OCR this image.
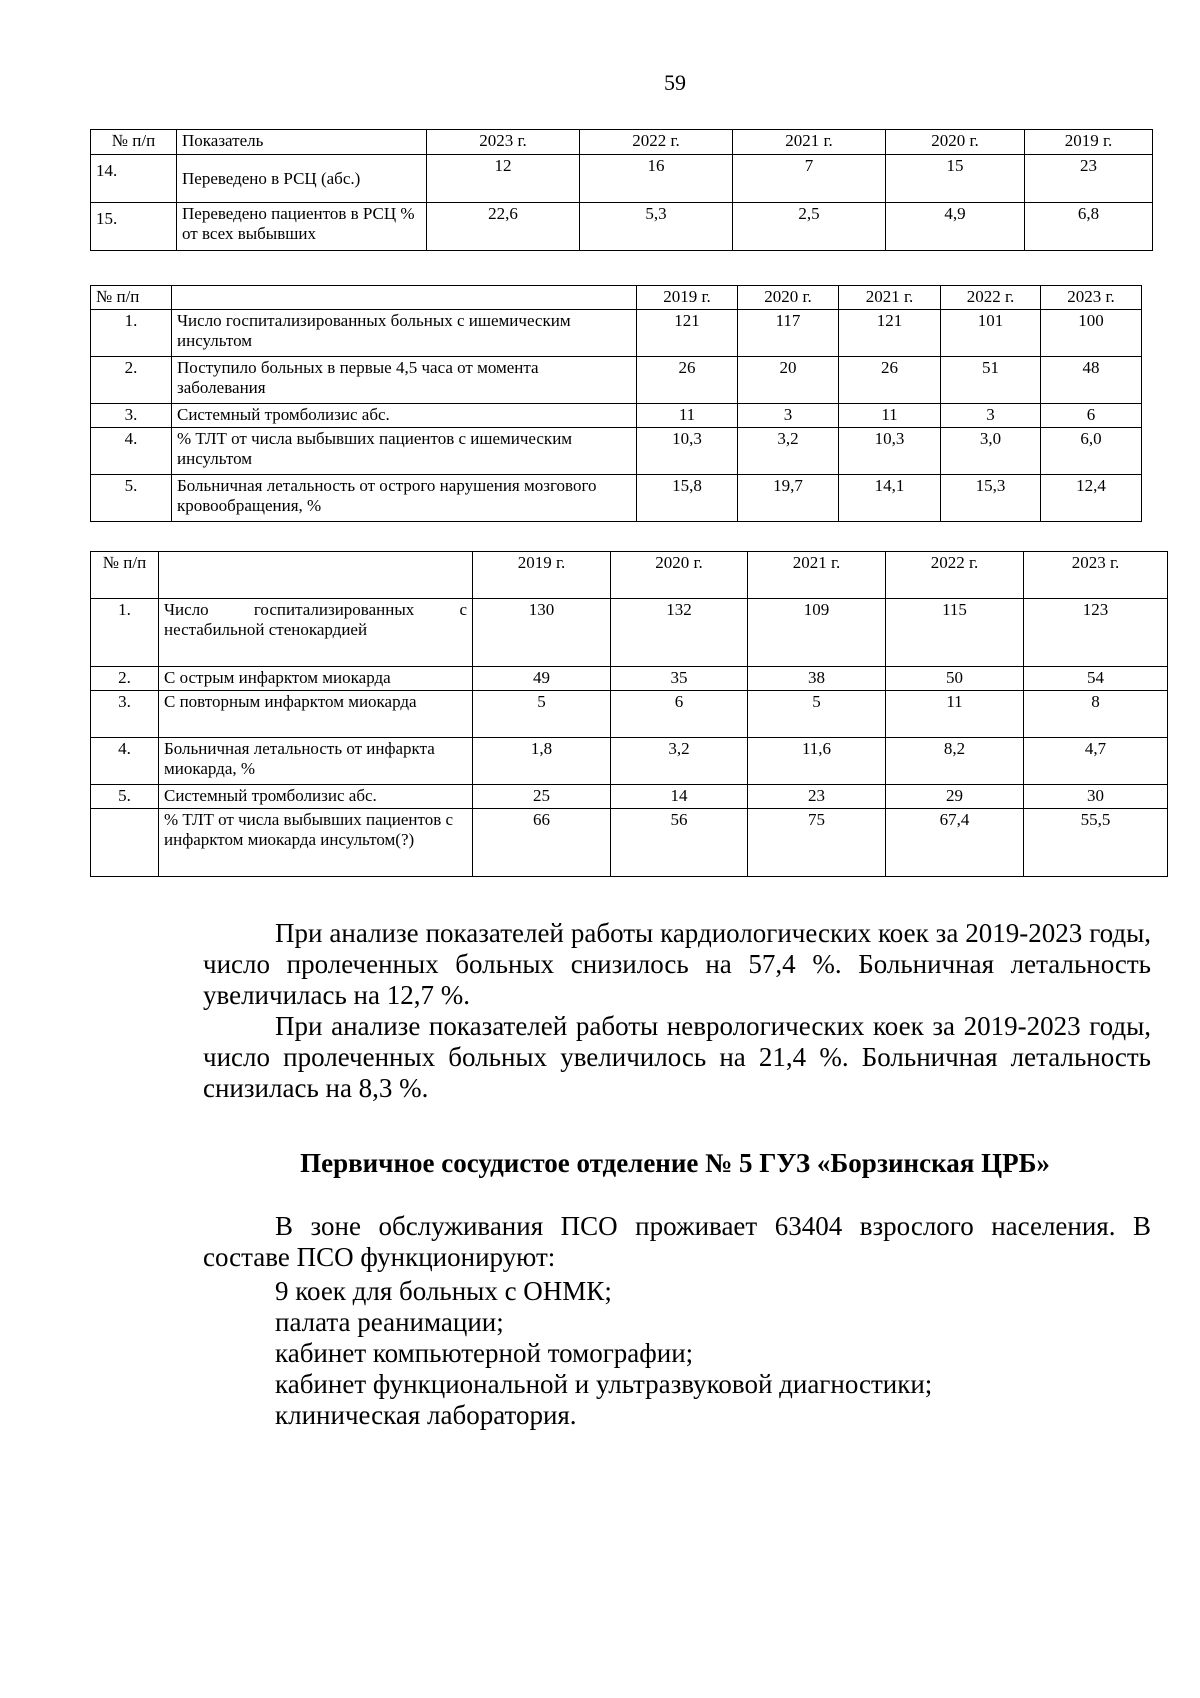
59
№ п/п	Показатель	2023 г.	2022 г.	2021 г.	2020 г.	2019 г.
14.	Переведено в РСЦ (абс.)	12	16	7	15	23
15.	Переведено пациентов в РСЦ % от всех выбывших	22,6	5,3	2,5	4,9	6,8
№ п/п		2019 г.	2020 г.	2021 г.	2022 г.	2023 г.
1.	Число госпитализированных больных с ишемическим инсультом	121	117	121	101	100
2.	Поступило больных в первые 4,5 часа от момента заболевания	26	20	26	51	48
3.	Системный тромболизис абс.	11	3	11	3	6
4.	% ТЛТ от числа выбывших пациентов с ишемическим инсультом	10,3	3,2	10,3	3,0	6,0
5.	Больничная летальность от острого нарушения мозгового кровообращения, %	15,8	19,7	14,1	15,3	12,4
№ п/п		2019 г.	2020 г.	2021 г.	2022 г.	2023 г.
1.	Число госпитализированных с нестабильной стенокардией	130	132	109	115	123
2.	С острым инфарктом миокарда	49	35	38	50	54
3.	С повторным инфарктом миокарда	5	6	5	11	8
4.	Больничная летальность от инфаркта миокарда, %	1,8	3,2	11,6	8,2	4,7
5.	Системный тромболизис абс.	25	14	23	29	30
	% ТЛТ от числа выбывших пациентов с инфарктом миокарда инсультом(?)	66	56	75	67,4	55,5

При анализе показателей работы кардиологических коек за 2019-2023 годы, число пролеченных больных снизилось на 57,4 %. Больничная летальность увеличилась на 12,7 %.

При анализе показателей работы неврологических коек за 2019-2023 годы, число пролеченных больных увеличилось на 21,4 %. Больничная летальность снизилась на 8,3 %.

Первичное сосудистое отделение № 5 ГУЗ «Борзинская ЦРБ»

В зоне обслуживания ПСО проживает 63404 взрослого населения. В составе ПСО функционируют:

9 коек для больных с ОНМК;
палата реанимации;
кабинет компьютерной томографии;
кабинет функциональной и ультразвуковой диагностики;
клиническая лаборатория.
